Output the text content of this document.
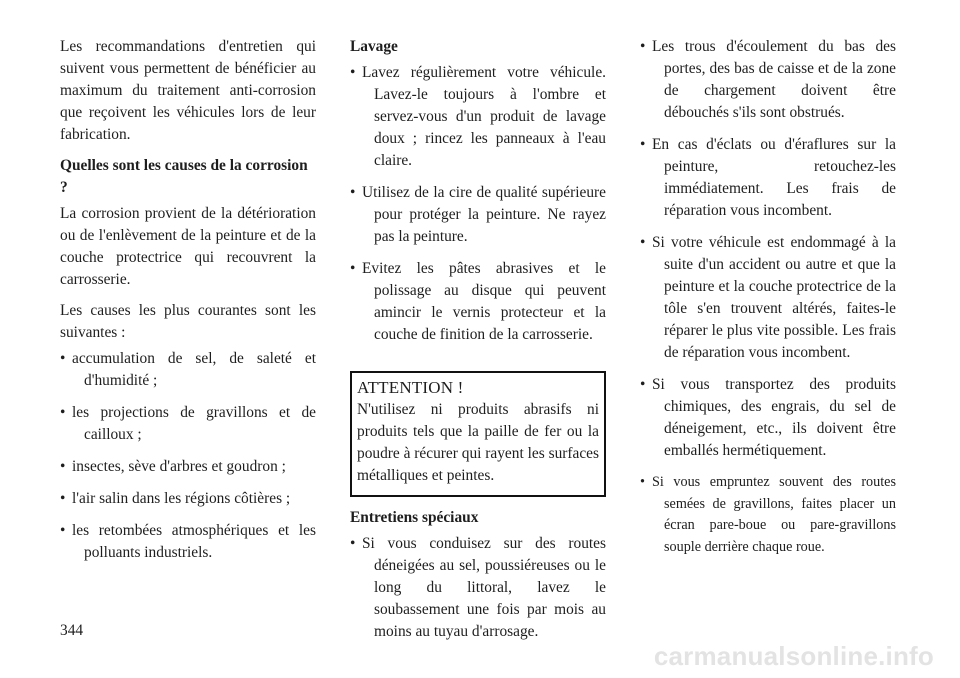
Les recommandations d'entretien qui suivent vous permettent de bénéficier au maximum du traitement anti-corrosion que reçoivent les véhicules lors de leur fabrication.

Quelles sont les causes de la corrosion ?

La corrosion provient de la détérioration ou de l'enlèvement de la peinture et de la couche protectrice qui recouvrent la carrosserie.

Les causes les plus courantes sont les suivantes :

• accumulation de sel, de saleté et d'humidité ;
• les projections de gravillons et de cailloux ;
• insectes, sève d'arbres et goudron ;
• l'air salin dans les régions côtières ;
• les retombées atmosphériques et les polluants industriels.

Lavage

• Lavez régulièrement votre véhicule. Lavez-le toujours à l'ombre et servez-vous d'un produit de lavage doux ; rincez les panneaux à l'eau claire.
• Utilisez de la cire de qualité supérieure pour protéger la peinture. Ne rayez pas la peinture.
• Evitez les pâtes abrasives et le polissage au disque qui peuvent amincir le vernis protecteur et la couche de finition de la carrosserie.

ATTENTION !

N'utilisez ni produits abrasifs ni produits tels que la paille de fer ou la poudre à récurer qui rayent les surfaces métalliques et peintes.

Entretiens spéciaux

• Si vous conduisez sur des routes déneigées au sel, poussiéreuses ou le long du littoral, lavez le soubassement une fois par mois au moins au tuyau d'arrosage.
• Les trous d'écoulement du bas des portes, des bas de caisse et de la zone de chargement doivent être débouchés s'ils sont obstrués.
• En cas d'éclats ou d'éraflures sur la peinture, retouchez-les immédiatement. Les frais de réparation vous incombent.
• Si votre véhicule est endommagé à la suite d'un accident ou autre et que la peinture et la couche protectrice de la tôle s'en trouvent altérés, faites-le réparer le plus vite possible. Les frais de réparation vous incombent.
• Si vous transportez des produits chimiques, des engrais, du sel de déneigement, etc., ils doivent être emballés hermétiquement.
• Si vous empruntez souvent des routes semées de gravillons, faites placer un écran pare-boue ou pare-gravillons souple derrière chaque roue.
344
carmanualsonline.info
